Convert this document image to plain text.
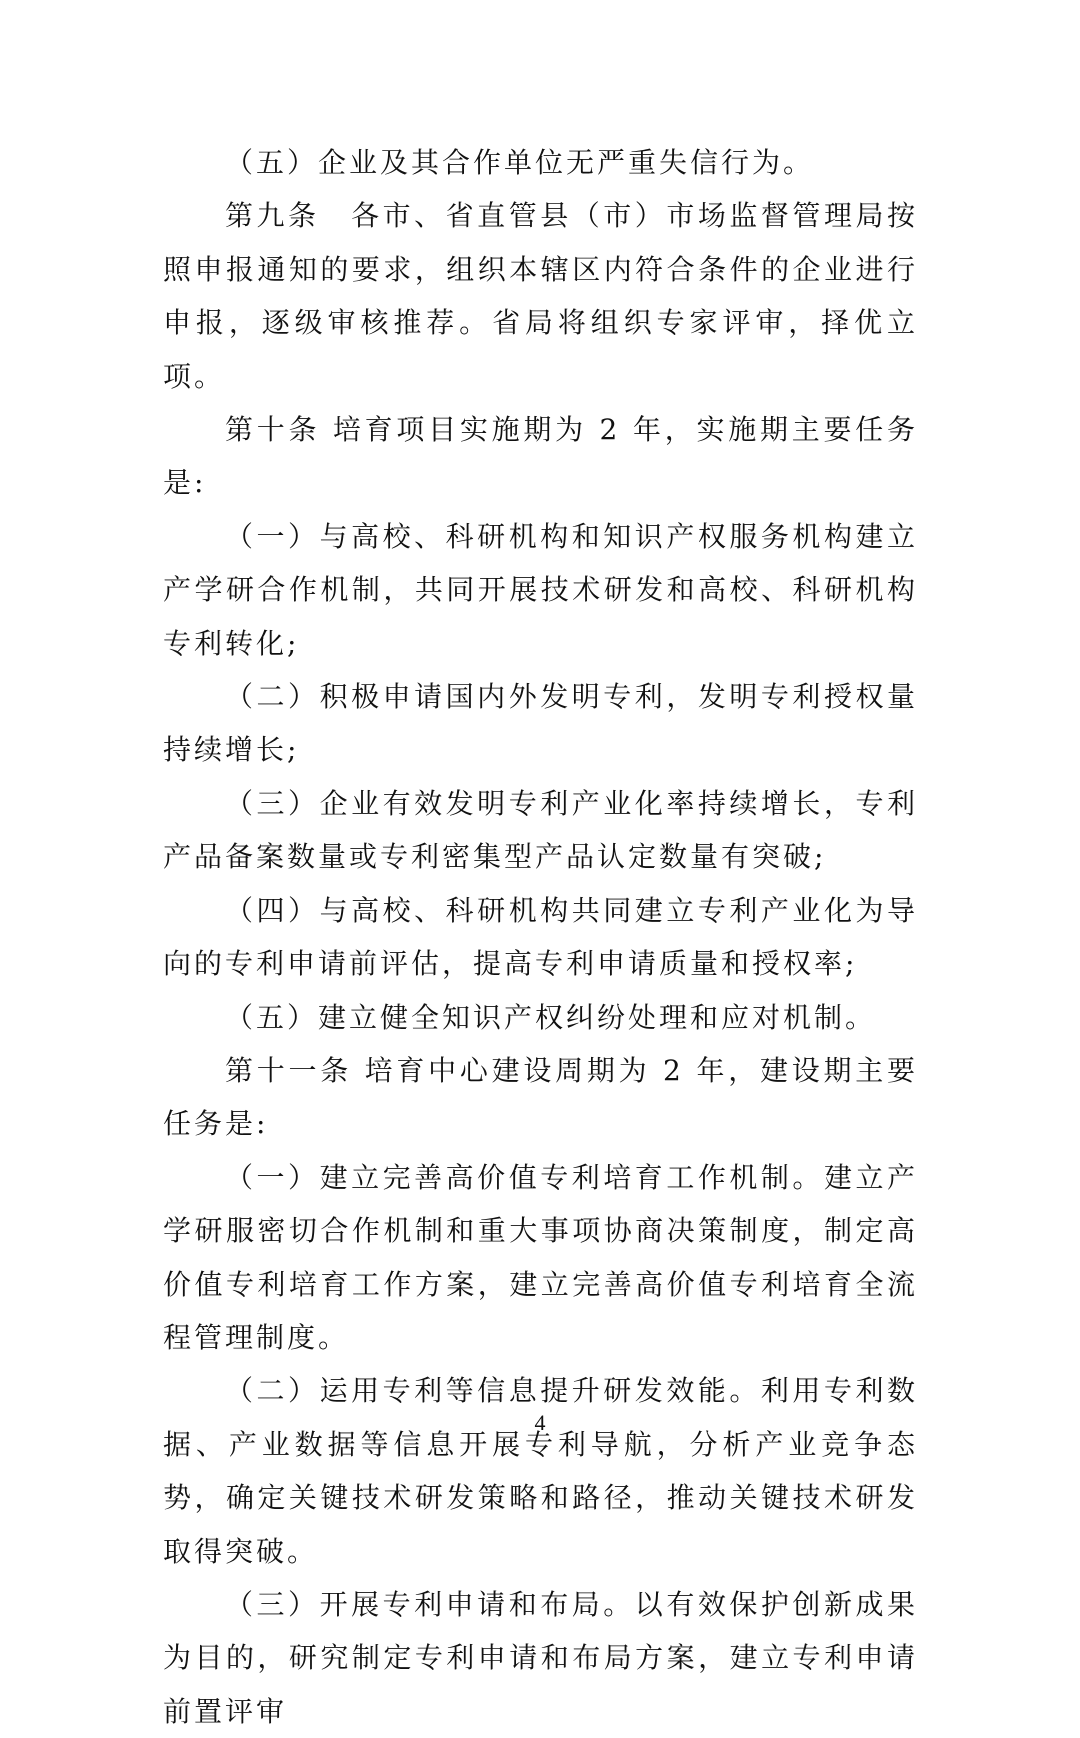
（五）企业及其合作单位无严重失信行为。

第九条　各市、省直管县（市）市场监督管理局按照申报通知的要求，组织本辖区内符合条件的企业进行申报，逐级审核推荐。省局将组织专家评审，择优立项。

第十条 培育项目实施期为 2 年，实施期主要任务是:

（一）与高校、科研机构和知识产权服务机构建立产学研合作机制，共同开展技术研发和高校、科研机构专利转化;

（二）积极申请国内外发明专利，发明专利授权量持续增长;

（三）企业有效发明专利产业化率持续增长，专利产品备案数量或专利密集型产品认定数量有突破;

（四）与高校、科研机构共同建立专利产业化为导向的专利申请前评估，提高专利申请质量和授权率;

（五）建立健全知识产权纠纷处理和应对机制。

第十一条 培育中心建设周期为 2 年，建设期主要任务是:

（一）建立完善高价值专利培育工作机制。建立产学研服密切合作机制和重大事项协商决策制度，制定高价值专利培育工作方案，建立完善高价值专利培育全流程管理制度。

（二）运用专利等信息提升研发效能。利用专利数据、产业数据等信息开展专利导航，分析产业竞争态势，确定关键技术研发策略和路径，推动关键技术研发取得突破。

（三）开展专利申请和布局。以有效保护创新成果为目的，研究制定专利申请和布局方案，建立专利申请前置评审

4
